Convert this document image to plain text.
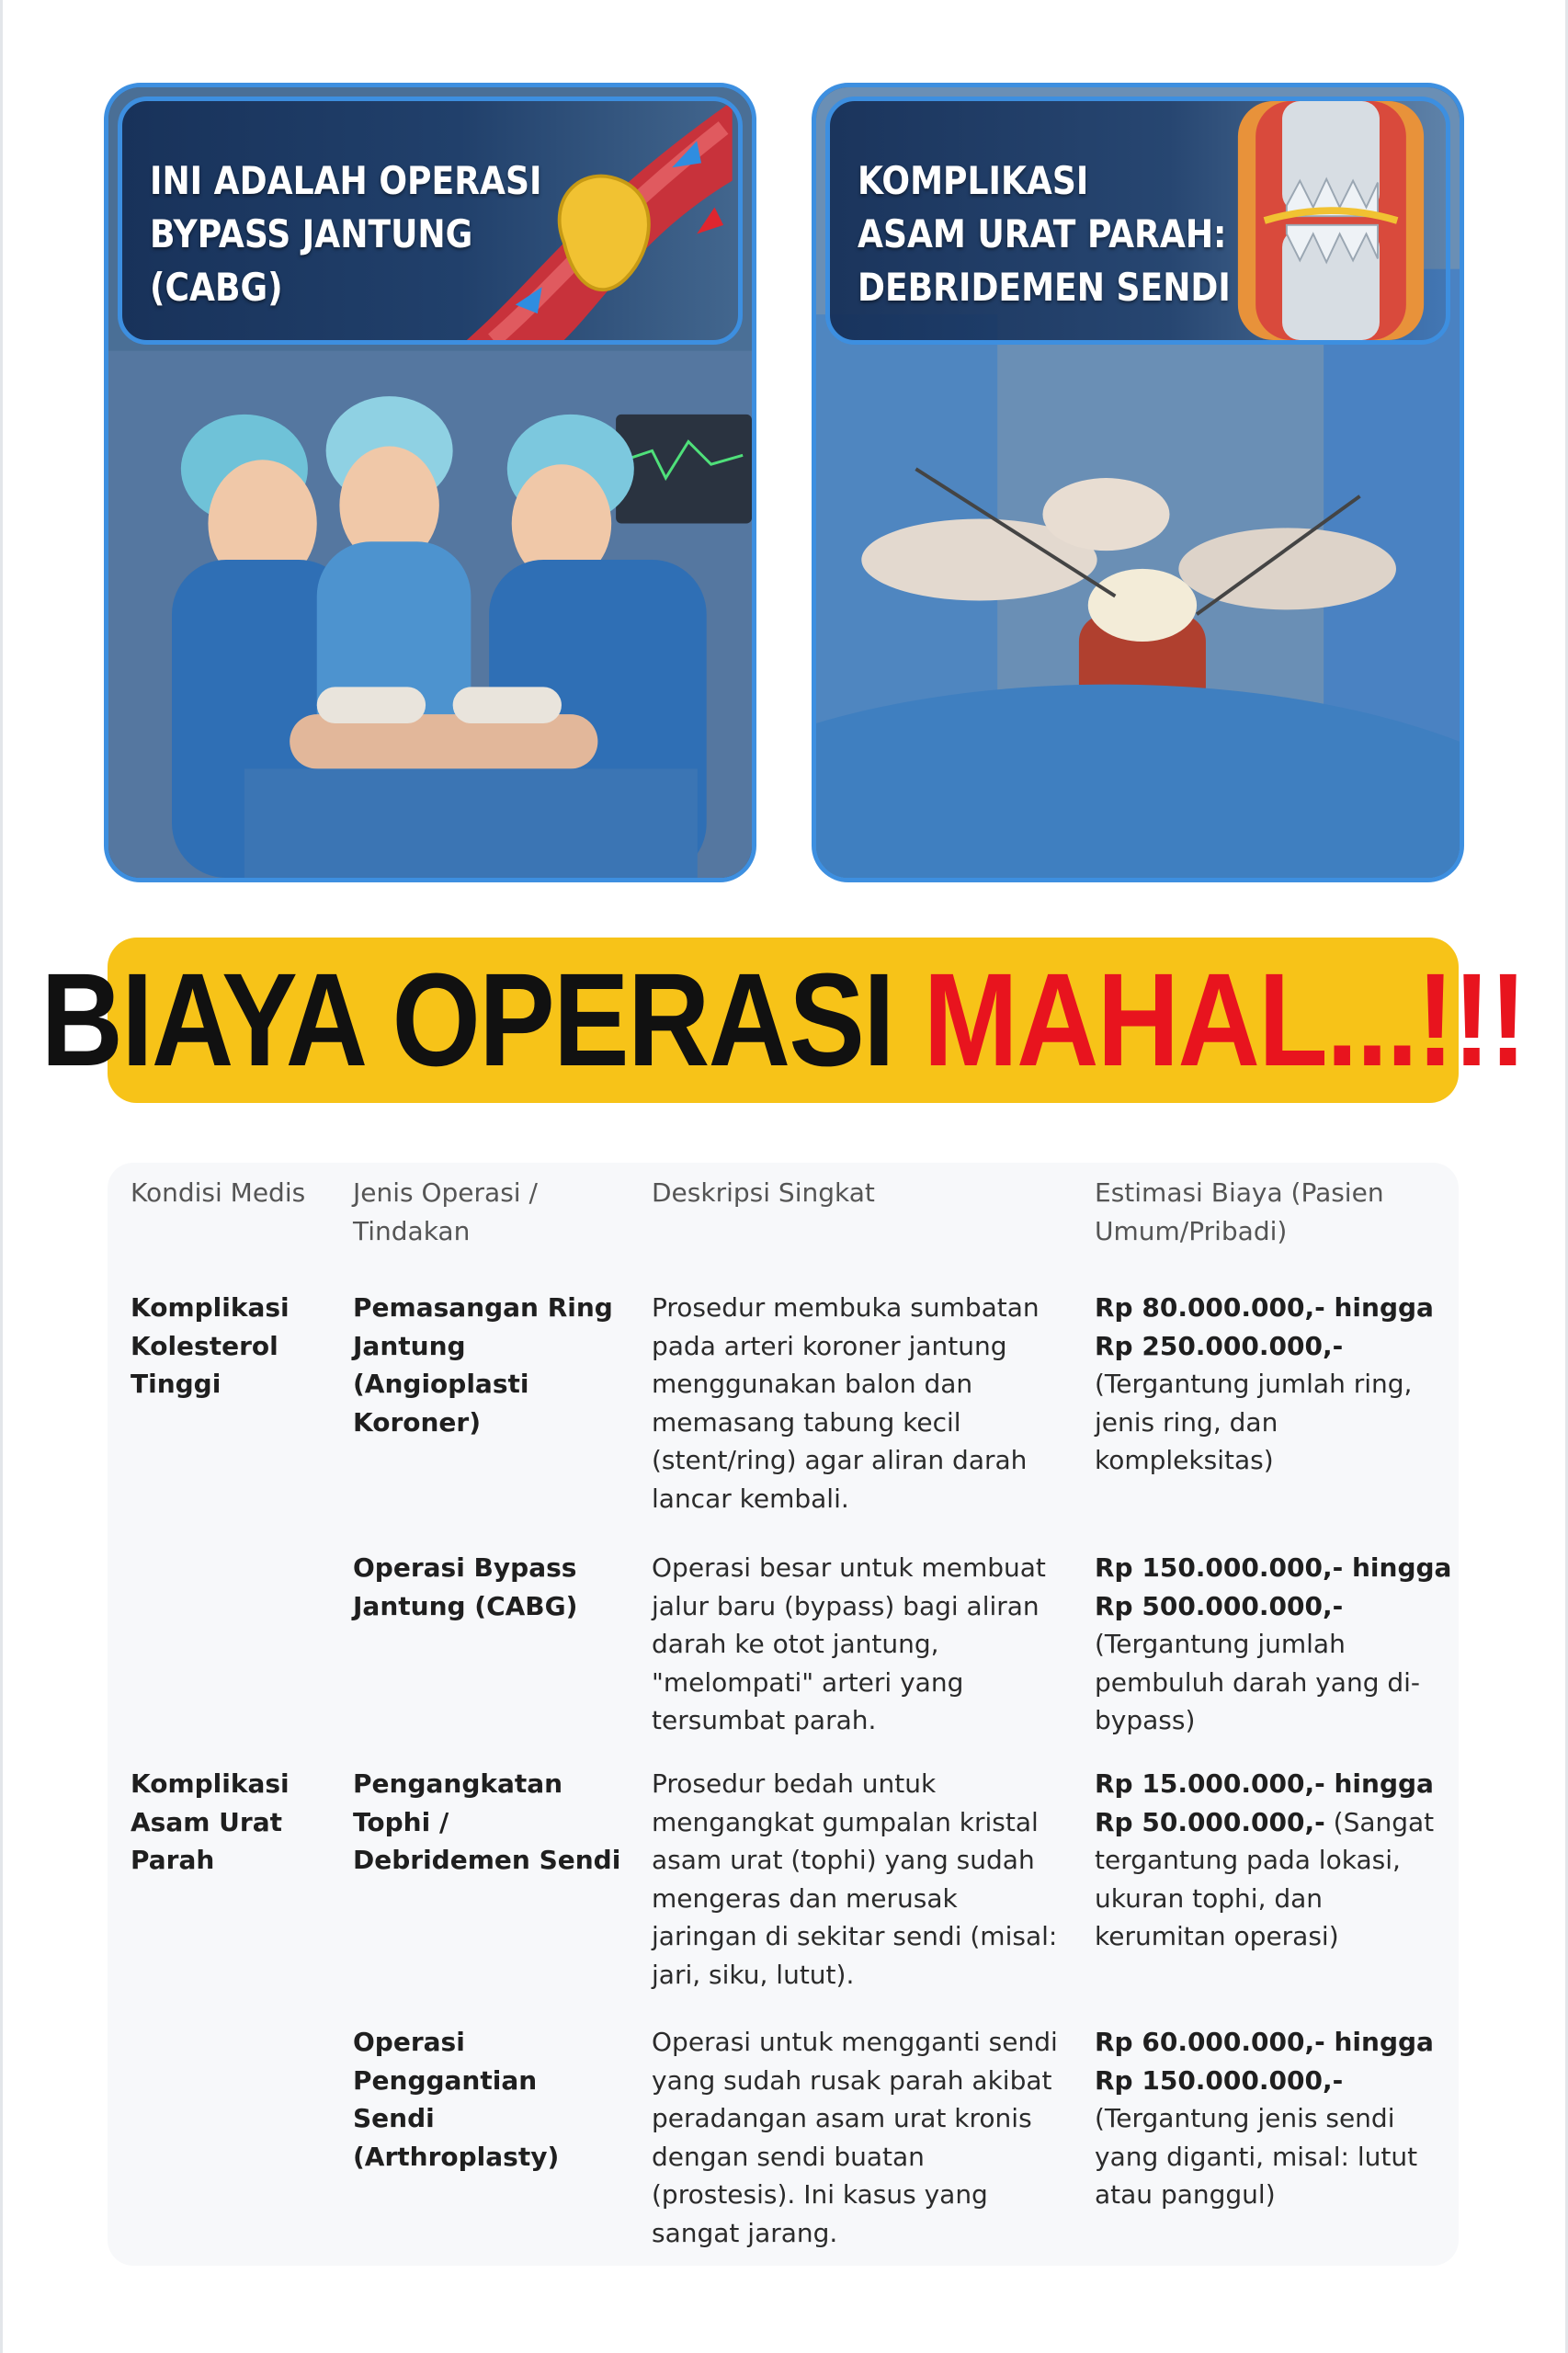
INI ADALAH OPERASI
BYPASS JANTUNG
(CABG)
KOMPLIKASI
ASAM URAT PARAH:
DEBRIDEMEN SENDI
BIAYA OPERASI MAHAL...!!!
Kondisi Medis	Jenis Operasi /
Tindakan
Deskripsi Singkat	Estimasi Biaya (Pasien
Umum/Pribadi)
Komplikasi
Kolesterol
Tinggi
Pemasangan Ring
Jantung
(Angioplasti
Koroner)
Prosedur membuka sumbatan
pada arteri koroner jantung
menggunakan balon dan
memasang tabung kecil
(stent/ring) agar aliran darah
lancar kembali.
Rp 80.000.000,- hingga
Rp 250.000.000,-
(Tergantung jumlah ring,
jenis ring, dan
kompleksitas)
Operasi Bypass
Jantung (CABG)
Operasi besar untuk membuat
jalur baru (bypass) bagi aliran
darah ke otot jantung,
"melompati" arteri yang
tersumbat parah.
Rp 150.000.000,- hingga
Rp 500.000.000,-
(Tergantung jumlah
pembuluh darah yang di-
bypass)
Komplikasi
Asam Urat
Parah
Pengangkatan
Tophi /
Debridemen Sendi
Prosedur bedah untuk
mengangkat gumpalan kristal
asam urat (tophi) yang sudah
mengeras dan merusak
jaringan di sekitar sendi (misal:
jari, siku, lutut).
Rp 15.000.000,- hingga
Rp 50.000.000,- (Sangat
tergantung pada lokasi,
ukuran tophi, dan
kerumitan operasi)
Operasi
Penggantian
Sendi
(Arthroplasty)
Operasi untuk mengganti sendi
yang sudah rusak parah akibat
peradangan asam urat kronis
dengan sendi buatan
(prostesis). Ini kasus yang
sangat jarang.
Rp 60.000.000,- hingga
Rp 150.000.000,-
(Tergantung jenis sendi
yang diganti, misal: lutut
atau panggul)
